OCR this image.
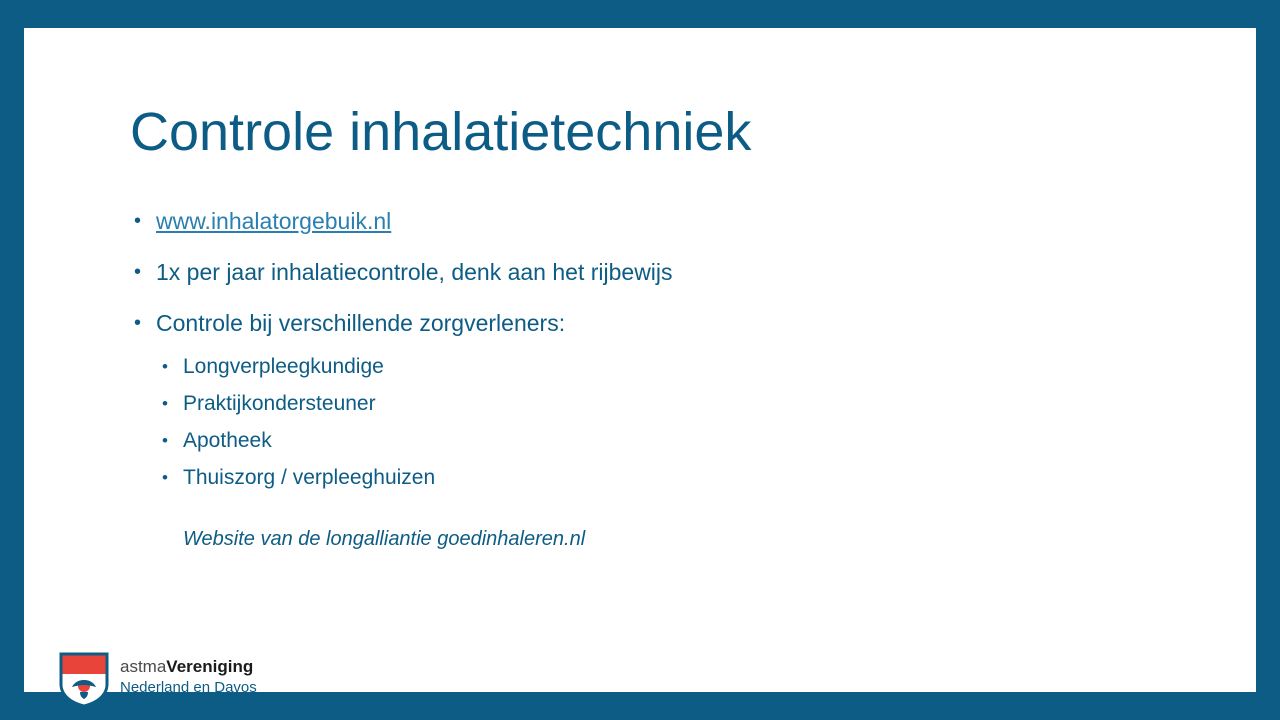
Controle inhalatietechniek
• www.inhalatorgebuik.nl
• 1x per jaar inhalatiecontrole, denk aan het rijbewijs
• Controle bij verschillende zorgverleners:
• Longverpleegkundige
• Praktijkondersteuner
• Apotheek
• Thuiszorg / verpleeghuizen
Website van de longalliantie goedinhaleren.nl
astmaVereniging
Nederland en Davos
